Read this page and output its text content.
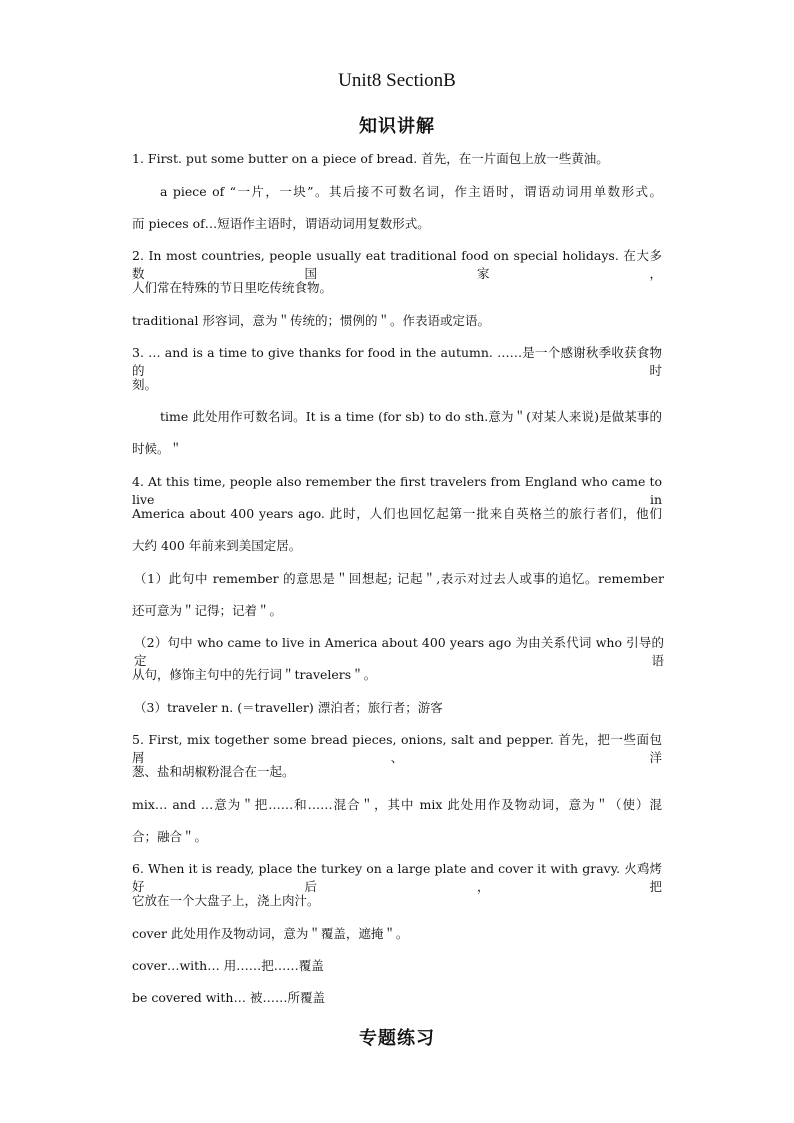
Unit8 SectionB
知识讲解
1. First. put some butter on a piece of bread. 首先，在一片面包上放一些黄油。
a piece of “一片，一块”。其后接不可数名词，作主语时，谓语动词用单数形式。
而 pieces of…短语作主语时，谓语动词用复数形式。
2. In most countries, people usually eat traditional food on special holidays. 在大多数国家，
人们常在特殊的节日里吃传统食物。
traditional 形容词，意为＂传统的；惯例的＂。作表语或定语。
3. … and is a time to give thanks for food in the autumn. ……是一个感谢秋季收获食物的时
刻。
time 此处用作可数名词。It is a time (for sb) to do sth.意为＂(对某人来说)是做某事的
时候。＂
4. At this time, people also remember the first travelers from England who came to live in
America about 400 years ago. 此时，人们也回忆起第一批来自英格兰的旅行者们，他们
大约 400 年前来到美国定居。
（1）此句中 remember 的意思是＂回想起; 记起＂,表示对过去人或事的追忆。remember
还可意为＂记得；记着＂。
（2）句中 who came to live in America about 400 years ago 为由关系代词 who 引导的定语
从句，修饰主句中的先行词＂travelers＂。
（3）traveler n. (＝traveller) 漂泊者；旅行者；游客
5. First, mix together some bread pieces, onions, salt and pepper. 首先，把一些面包屑、洋
葱、盐和胡椒粉混合在一起。
mix… and …意为＂把……和……混合＂，其中 mix 此处用作及物动词，意为＂（使）混
合；融合＂。
6. When it is ready, place the turkey on a large plate and cover it with gravy. 火鸡烤好后，把
它放在一个大盘子上，浇上肉汁。
cover 此处用作及物动词，意为＂覆盖，遮掩＂。
cover…with… 用……把……覆盖
be covered with… 被……所覆盖
专题练习
